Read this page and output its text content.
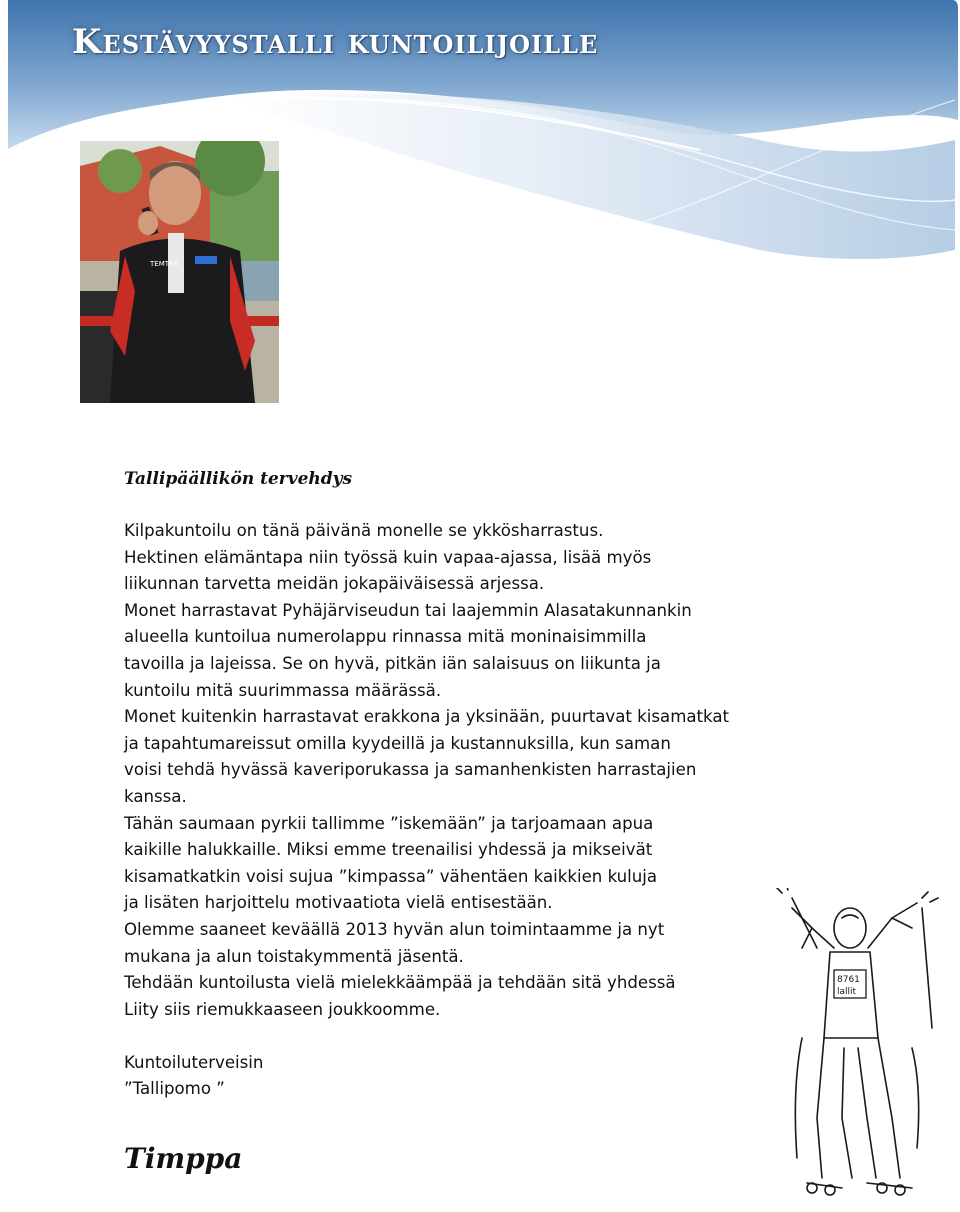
Kestävyystalli kuntoilijoille
TEMTEX
Tallipäällikön tervehdys
Kilpakuntoilu on tänä päivänä monelle se ykkösharrastus.
Hektinen elämäntapa niin työssä kuin vapaa-ajassa, lisää myös
liikunnan tarvetta meidän jokapäiväisessä arjessa.
Monet harrastavat Pyhäjärviseudun tai laajemmin Alasatakunnankin
alueella kuntoilua numerolappu rinnassa mitä moninaisimmilla
tavoilla ja lajeissa. Se on hyvä, pitkän iän salaisuus on liikunta ja
kuntoilu mitä suurimmassa määrässä.
Monet kuitenkin harrastavat erakkona ja yksinään, puurtavat kisamatkat
ja tapahtumareissut omilla kyydeillä ja kustannuksilla, kun saman
voisi tehdä hyvässä kaveriporukassa ja samanhenkisten harrastajien
kanssa.
Tähän saumaan pyrkii tallimme ”iskemään” ja tarjoamaan apua
kaikille halukkaille. Miksi emme treenailisi yhdessä ja mikseivät
kisamatkatkin voisi sujua ”kimpassa” vähentäen kaikkien kuluja
ja lisäten harjoittelu motivaatiota vielä entisestään.
Olemme saaneet keväällä 2013 hyvän alun toimintaamme ja nyt
mukana ja alun toistakymmentä jäsentä.
Tehdään kuntoilusta vielä mielekkäämpää ja tehdään sitä yhdessä
Liity siis riemukkaaseen joukkoomme.
Kuntoiluterveisin
”Tallipomo ”
Timppa
8761
lallit
